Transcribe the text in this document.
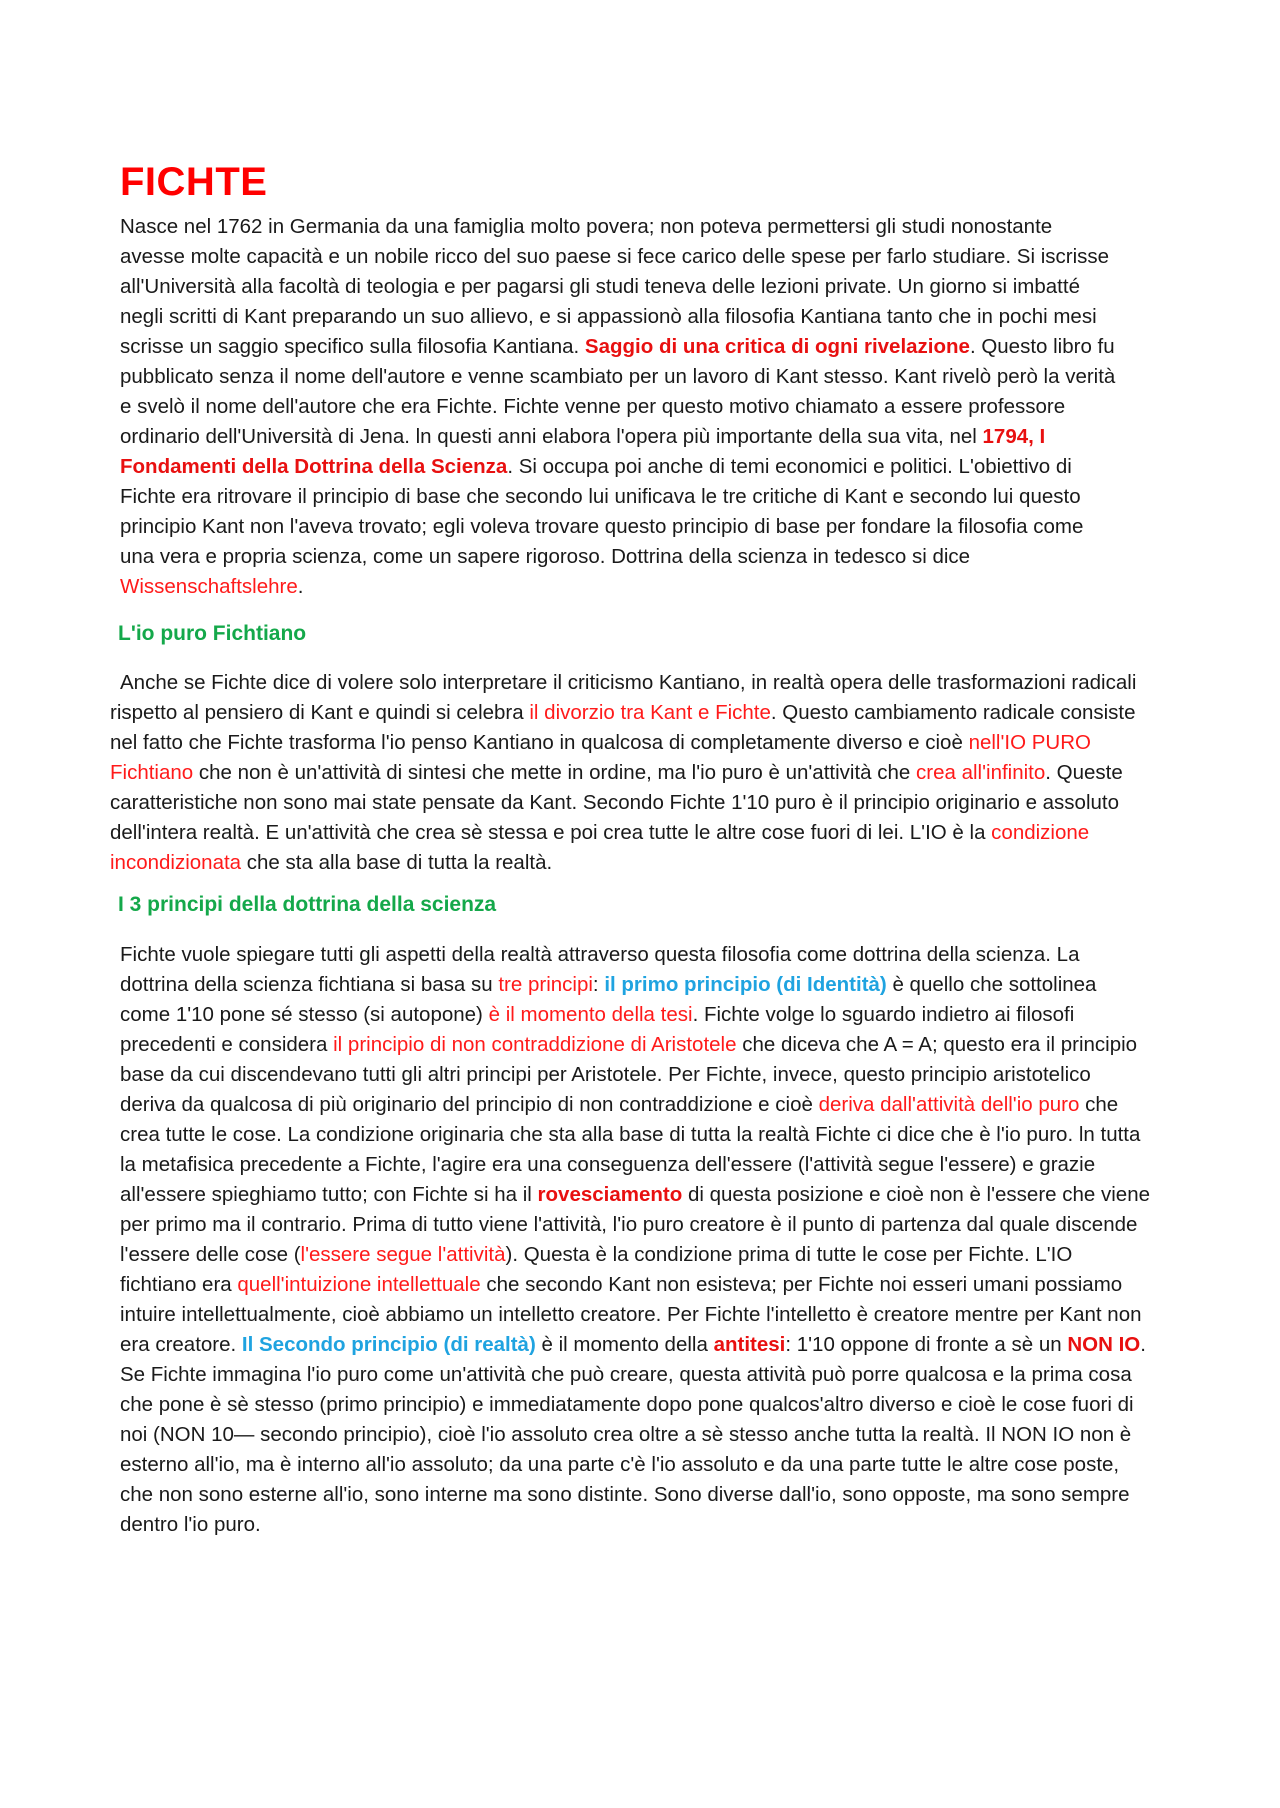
FICHTE

Nasce nel 1762 in Germania da una famiglia molto povera; non poteva permettersi gli studi nonostante avesse molte capacità e un nobile ricco del suo paese si fece carico delle spese per farlo studiare. Si iscrisse all'Università alla facoltà di teologia e per pagarsi gli studi teneva delle lezioni private. Un giorno si imbatté negli scritti di Kant preparando un suo allievo, e si appassionò alla filosofia Kantiana tanto che in pochi mesi scrisse un saggio specifico sulla filosofia Kantiana. Saggio di una critica di ogni rivelazione. Questo libro fu pubblicato senza il nome dell'autore e venne scambiato per un lavoro di Kant stesso. Kant rivelò però la verità e svelò il nome dell'autore che era Fichte. Fichte venne per questo motivo chiamato a essere professore ordinario dell'Università di Jena. ln questi anni elabora l'opera più importante della sua vita, nel 1794, I Fondamenti della Dottrina della Scienza. Si occupa poi anche di temi economici e politici. L'obiettivo di Fichte era ritrovare il principio di base che secondo lui unificava le tre critiche di Kant e secondo lui questo principio Kant non l'aveva trovato; egli voleva trovare questo principio di base per fondare la filosofia come una vera e propria scienza, come un sapere rigoroso. Dottrina della scienza in tedesco si dice Wissenschaftslehre.

L'io puro Fichtiano

Anche se Fichte dice di volere solo interpretare il criticismo Kantiano, in realtà opera delle trasformazioni radicali rispetto al pensiero di Kant e quindi si celebra il divorzio tra Kant e Fichte. Questo cambiamento radicale consiste nel fatto che Fichte trasforma l'io penso Kantiano in qualcosa di completamente diverso e cioè nell'IO PURO Fichtiano che non è un'attività di sintesi che mette in ordine, ma l'io puro è un'attività che crea all'infinito. Queste caratteristiche non sono mai state pensate da Kant. Secondo Fichte 1'10 puro è il principio originario e assoluto dell'intera realtà. E un'attività che crea sè stessa e poi crea tutte le altre cose fuori di lei. L'IO è la condizione incondizionata che sta alla base di tutta la realtà.

I 3 principi della dottrina della scienza

Fichte vuole spiegare tutti gli aspetti della realtà attraverso questa filosofia come dottrina della scienza. La dottrina della scienza fichtiana si basa su tre principi: il primo principio (di Identità) è quello che sottolinea come 1'10 pone sé stesso (si autopone) è il momento della tesi. Fichte volge lo sguardo indietro ai filosofi precedenti e considera il principio di non contraddizione di Aristotele che diceva che A = A; questo era il principio base da cui discendevano tutti gli altri principi per Aristotele. Per Fichte, invece, questo principio aristotelico deriva da qualcosa di più originario del principio di non contraddizione e cioè deriva dall'attività dell'io puro che crea tutte le cose. La condizione originaria che sta alla base di tutta la realtà Fichte ci dice che è l'io puro. ln tutta la metafisica precedente a Fichte, l'agire era una conseguenza dell'essere (l'attività segue l'essere) e grazie all'essere spieghiamo tutto; con Fichte si ha il rovesciamento di questa posizione e cioè non è l'essere che viene per primo ma il contrario. Prima di tutto viene l'attività, l'io puro creatore è il punto di partenza dal quale discende l'essere delle cose (l'essere segue l'attività). Questa è la condizione prima di tutte le cose per Fichte. L'IO fichtiano era quell'intuizione intellettuale che secondo Kant non esisteva; per Fichte noi esseri umani possiamo intuire intellettualmente, cioè abbiamo un intelletto creatore. Per Fichte l'intelletto è creatore mentre per Kant non era creatore. Il Secondo principio (di realtà) è il momento della antitesi: 1'10 oppone di fronte a sè un NON IO. Se Fichte immagina l'io puro come un'attività che può creare, questa attività può porre qualcosa e la prima cosa che pone è sè stesso (primo principio) e immediatamente dopo pone qualcos'altro diverso e cioè le cose fuori di noi (NON 10— secondo principio), cioè l'io assoluto crea oltre a sè stesso anche tutta la realtà. Il NON IO non è esterno all'io, ma è interno all'io assoluto; da una parte c'è l'io assoluto e da una parte tutte le altre cose poste, che non sono esterne all'io, sono interne ma sono distinte. Sono diverse dall'io, sono opposte, ma sono sempre dentro l'io puro.
